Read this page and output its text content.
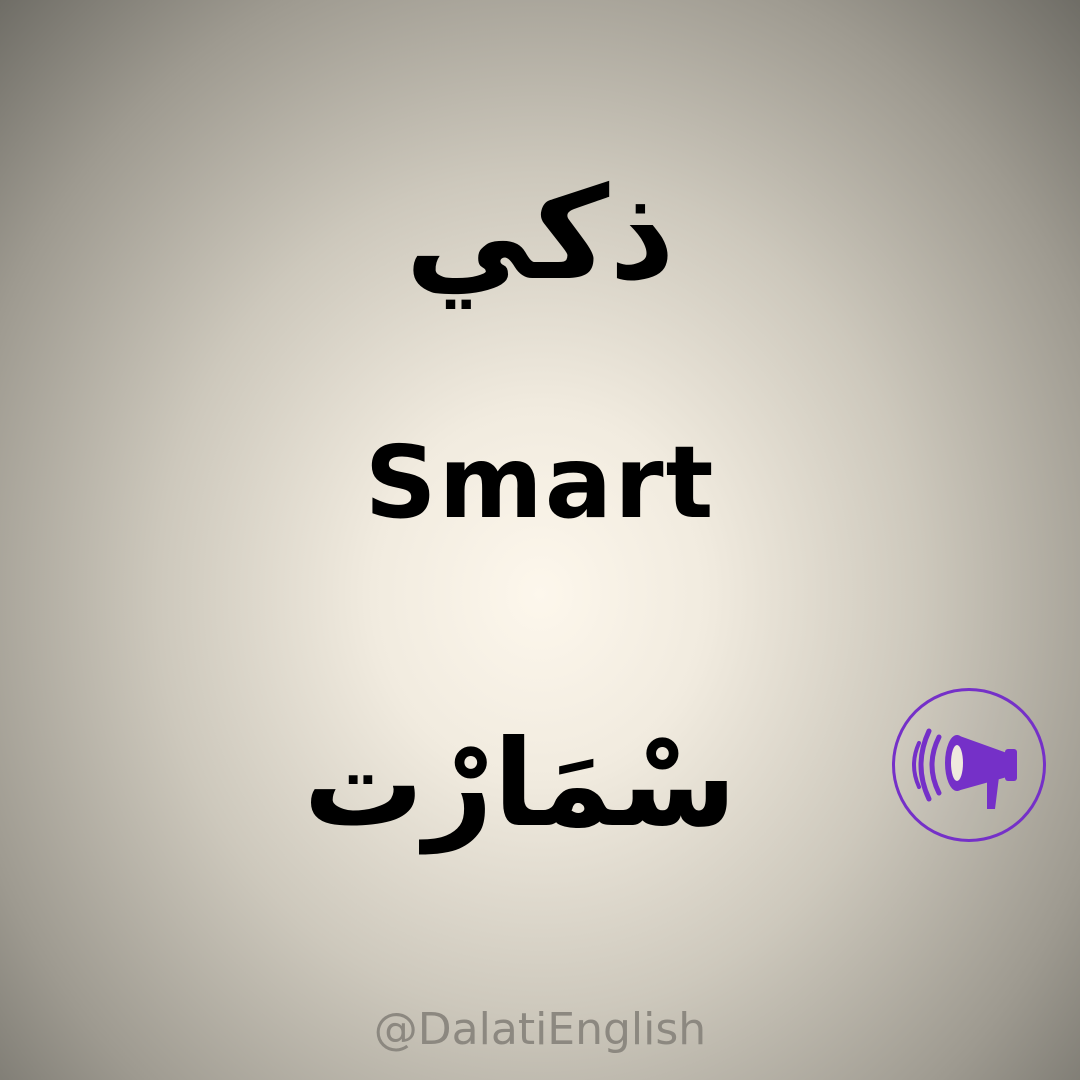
ذكي
Smart
سْمَارْت
@DalatiEnglish
